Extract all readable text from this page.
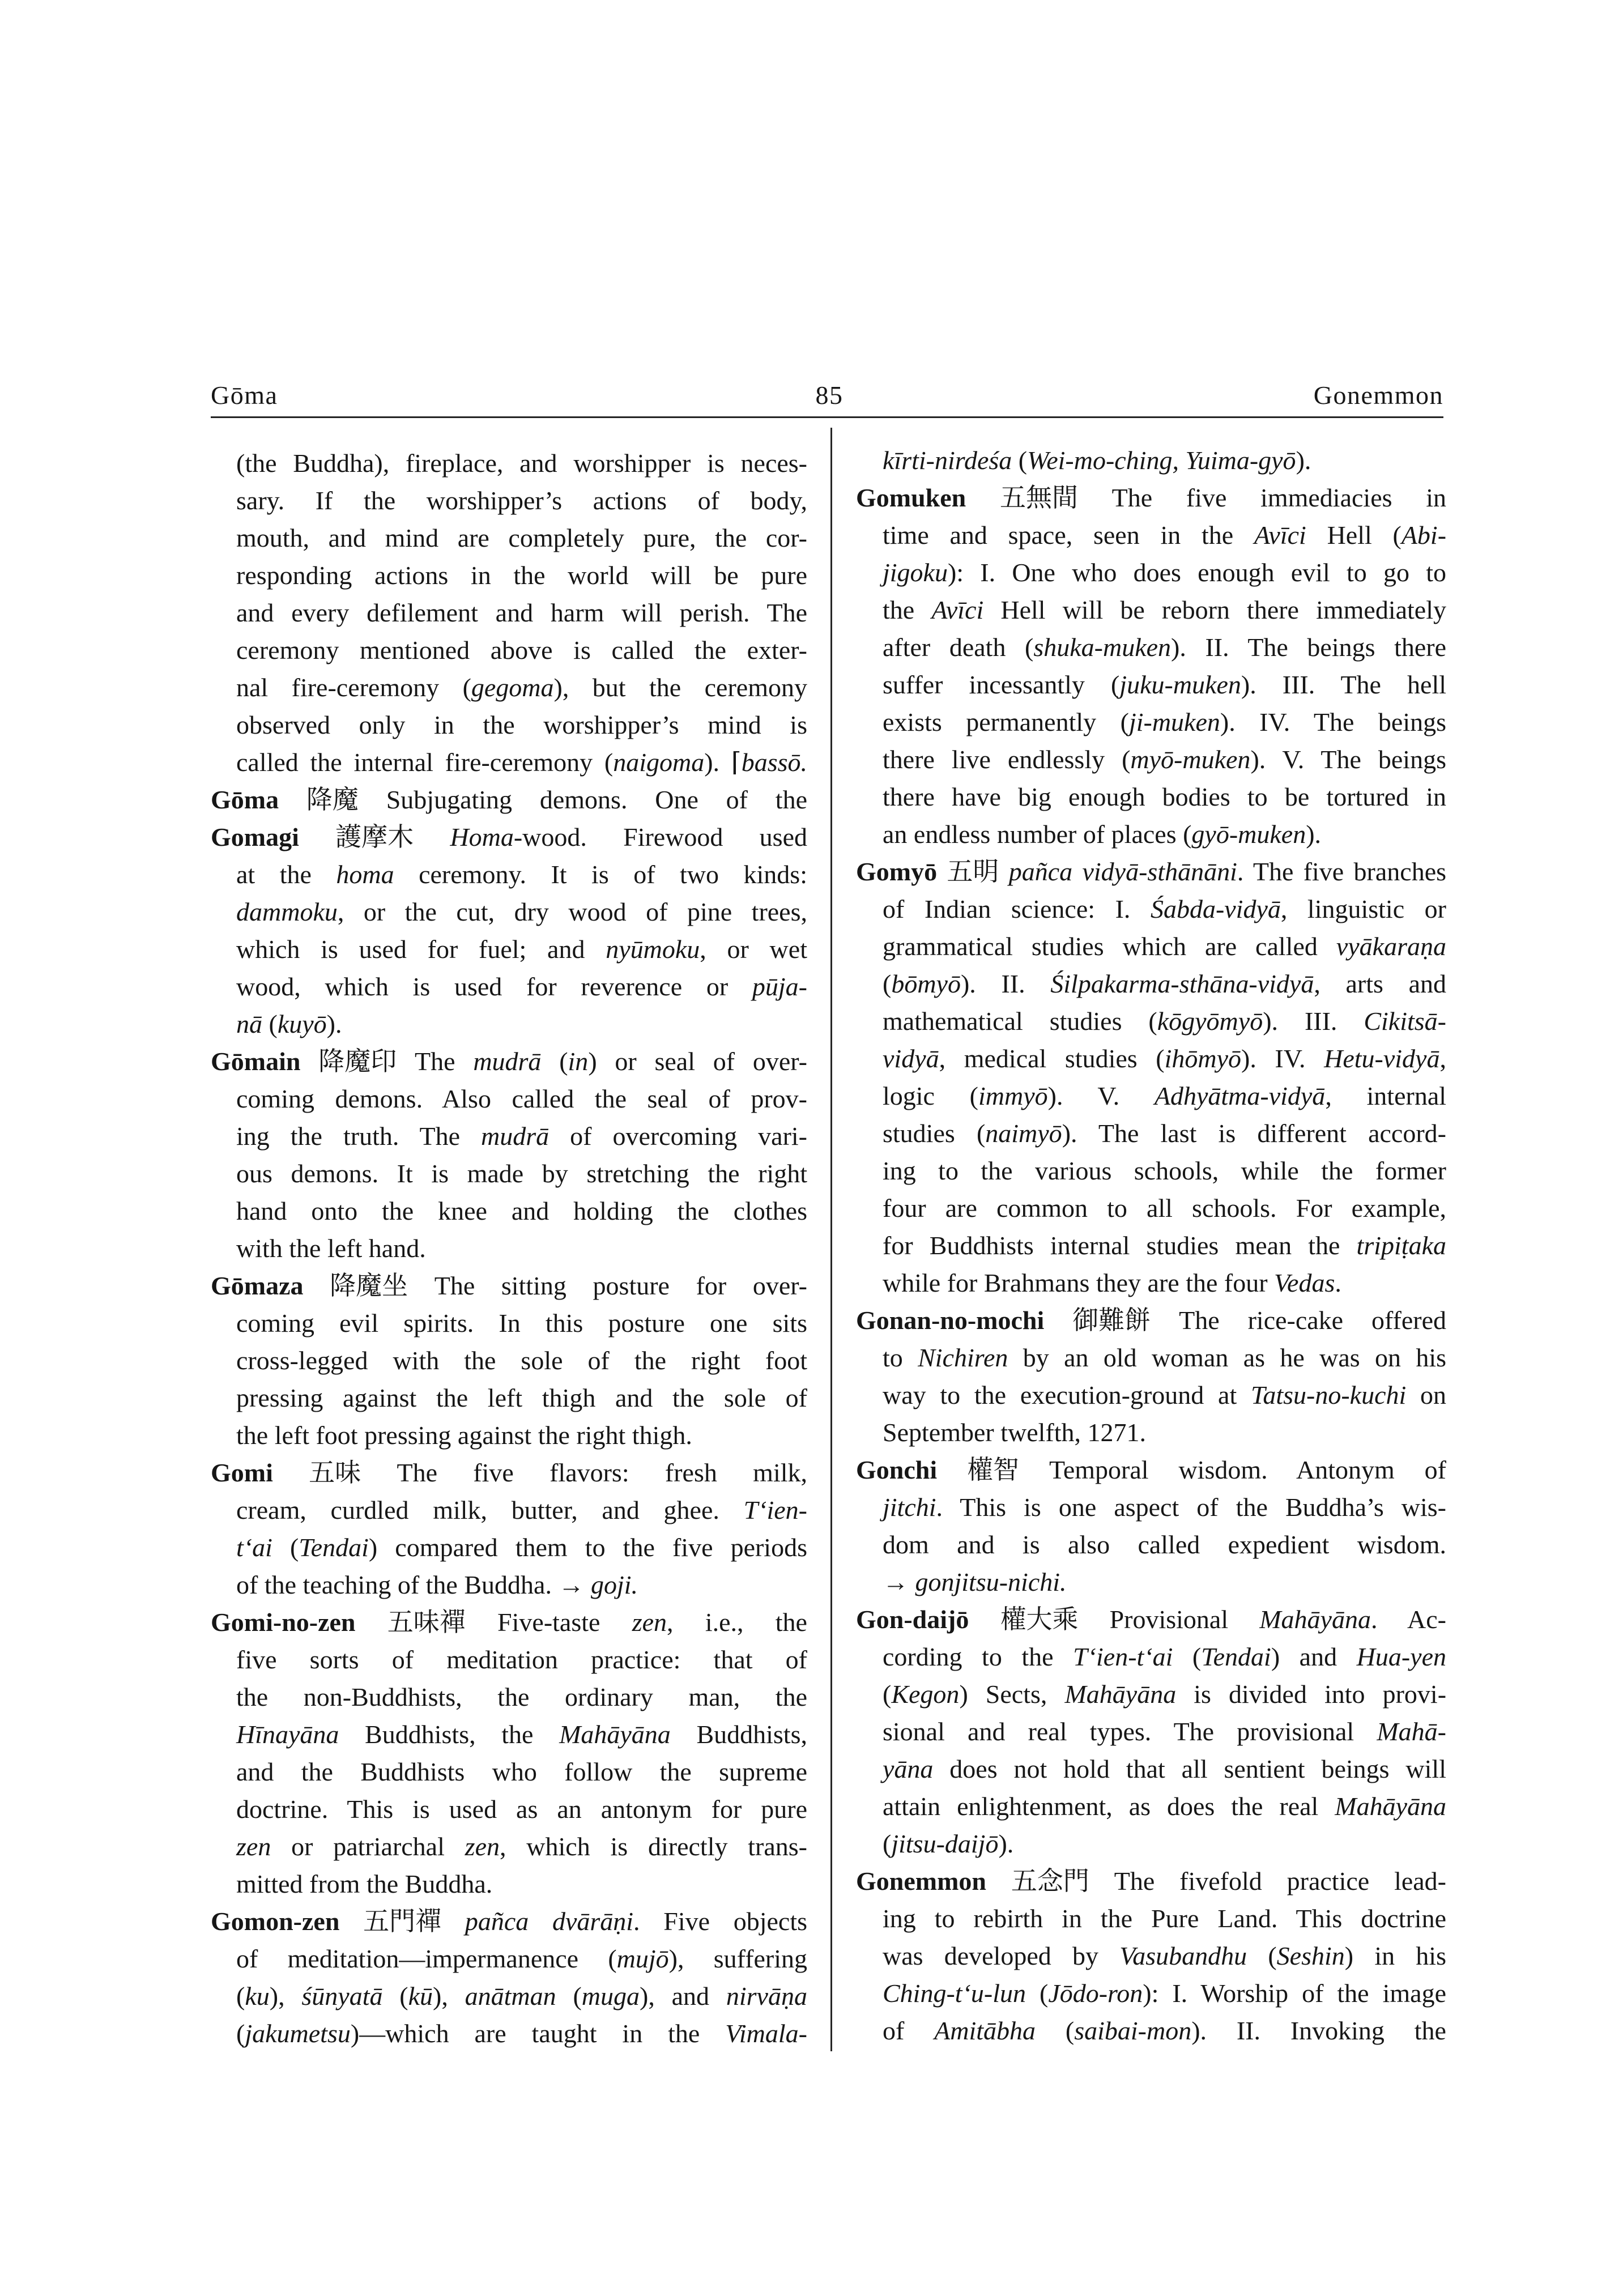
Gōma	85	Gonemmon
(the Buddha), fireplace, and worshipper is neces-
sary. If the worshipper’s actions of body,
mouth, and mind are completely pure, the cor-
responding actions in the world will be pure
and every defilement and harm will perish. The
ceremony mentioned above is called the exter-
nal fire-ceremony (gegoma), but the ceremony
observed only in the worshipper’s mind is
called the internal fire-ceremony (naigoma). ⌈bassō.
Gōma 降魔 Subjugating demons. One of the
Gomagi 護摩木 Homa-wood. Firewood used
at the homa ceremony. It is of two kinds:
dammoku, or the cut, dry wood of pine trees,
which is used for fuel; and nyūmoku, or wet
wood, which is used for reverence or pūja-
nā (kuyō).
Gōmain 降魔印 The mudrā (in) or seal of over-
coming demons. Also called the seal of prov-
ing the truth. The mudrā of overcoming vari-
ous demons. It is made by stretching the right
hand onto the knee and holding the clothes
with the left hand.
Gōmaza 降魔坐 The sitting posture for over-
coming evil spirits. In this posture one sits
cross-legged with the sole of the right foot
pressing against the left thigh and the sole of
the left foot pressing against the right thigh.
Gomi 五味 The five flavors: fresh milk,
cream, curdled milk, butter, and ghee. T‘ien-
t‘ai (Tendai) compared them to the five periods
of the teaching of the Buddha. → goji.
Gomi-no-zen 五味禪 Five-taste zen, i.e., the
five sorts of meditation practice: that of
the non-Buddhists, the ordinary man, the
Hīnayāna Buddhists, the Mahāyāna Buddhists,
and the Buddhists who follow the supreme
doctrine. This is used as an antonym for pure
zen or patriarchal zen, which is directly trans-
mitted from the Buddha.
Gomon-zen 五門禪 pañca dvārāṇi. Five objects
of meditation—impermanence (mujō), suffering
(ku), śūnyatā (kū), anātman (muga), and nirvāṇa
(jakumetsu)—which are taught in the Vimala-
kīrti-nirdeśa (Wei-mo-ching, Yuima-gyō).
Gomuken 五無間 The five immediacies in
time and space, seen in the Avīci Hell (Abi-
jigoku): I. One who does enough evil to go to
the Avīci Hell will be reborn there immediately
after death (shuka-muken). II. The beings there
suffer incessantly (juku-muken). III. The hell
exists permanently (ji-muken). IV. The beings
there live endlessly (myō-muken). V. The beings
there have big enough bodies to be tortured in
an endless number of places (gyō-muken).
Gomyō 五明 pañca vidyā-sthānāni. The five branches
of Indian science: I. Śabda-vidyā, linguistic or
grammatical studies which are called vyākaraṇa
(bōmyō). II. Śilpakarma-sthāna-vidyā, arts and
mathematical studies (kōgyōmyō). III. Cikitsā-
vidyā, medical studies (ihōmyō). IV. Hetu-vidyā,
logic (immyō). V. Adhyātma-vidyā, internal
studies (naimyō). The last is different accord-
ing to the various schools, while the former
four are common to all schools. For example,
for Buddhists internal studies mean the tripiṭaka
while for Brahmans they are the four Vedas.
Gonan-no-mochi 御難餅 The rice-cake offered
to Nichiren by an old woman as he was on his
way to the execution-ground at Tatsu-no-kuchi on
September twelfth, 1271.
Gonchi 權智 Temporal wisdom. Antonym of
jitchi. This is one aspect of the Buddha’s wis-
dom and is also called expedient wisdom.
→ gonjitsu-nichi.
Gon-daijō 權大乘 Provisional Mahāyāna. Ac-
cording to the T‘ien-t‘ai (Tendai) and Hua-yen
(Kegon) Sects, Mahāyāna is divided into provi-
sional and real types. The provisional Mahā-
yāna does not hold that all sentient beings will
attain enlightenment, as does the real Mahāyāna
(jitsu-daijō).
Gonemmon 五念門 The fivefold practice lead-
ing to rebirth in the Pure Land. This doctrine
was developed by Vasubandhu (Seshin) in his
Ching-t‘u-lun (Jōdo-ron): I. Worship of the image
of Amitābha (saibai-mon). II. Invoking the
